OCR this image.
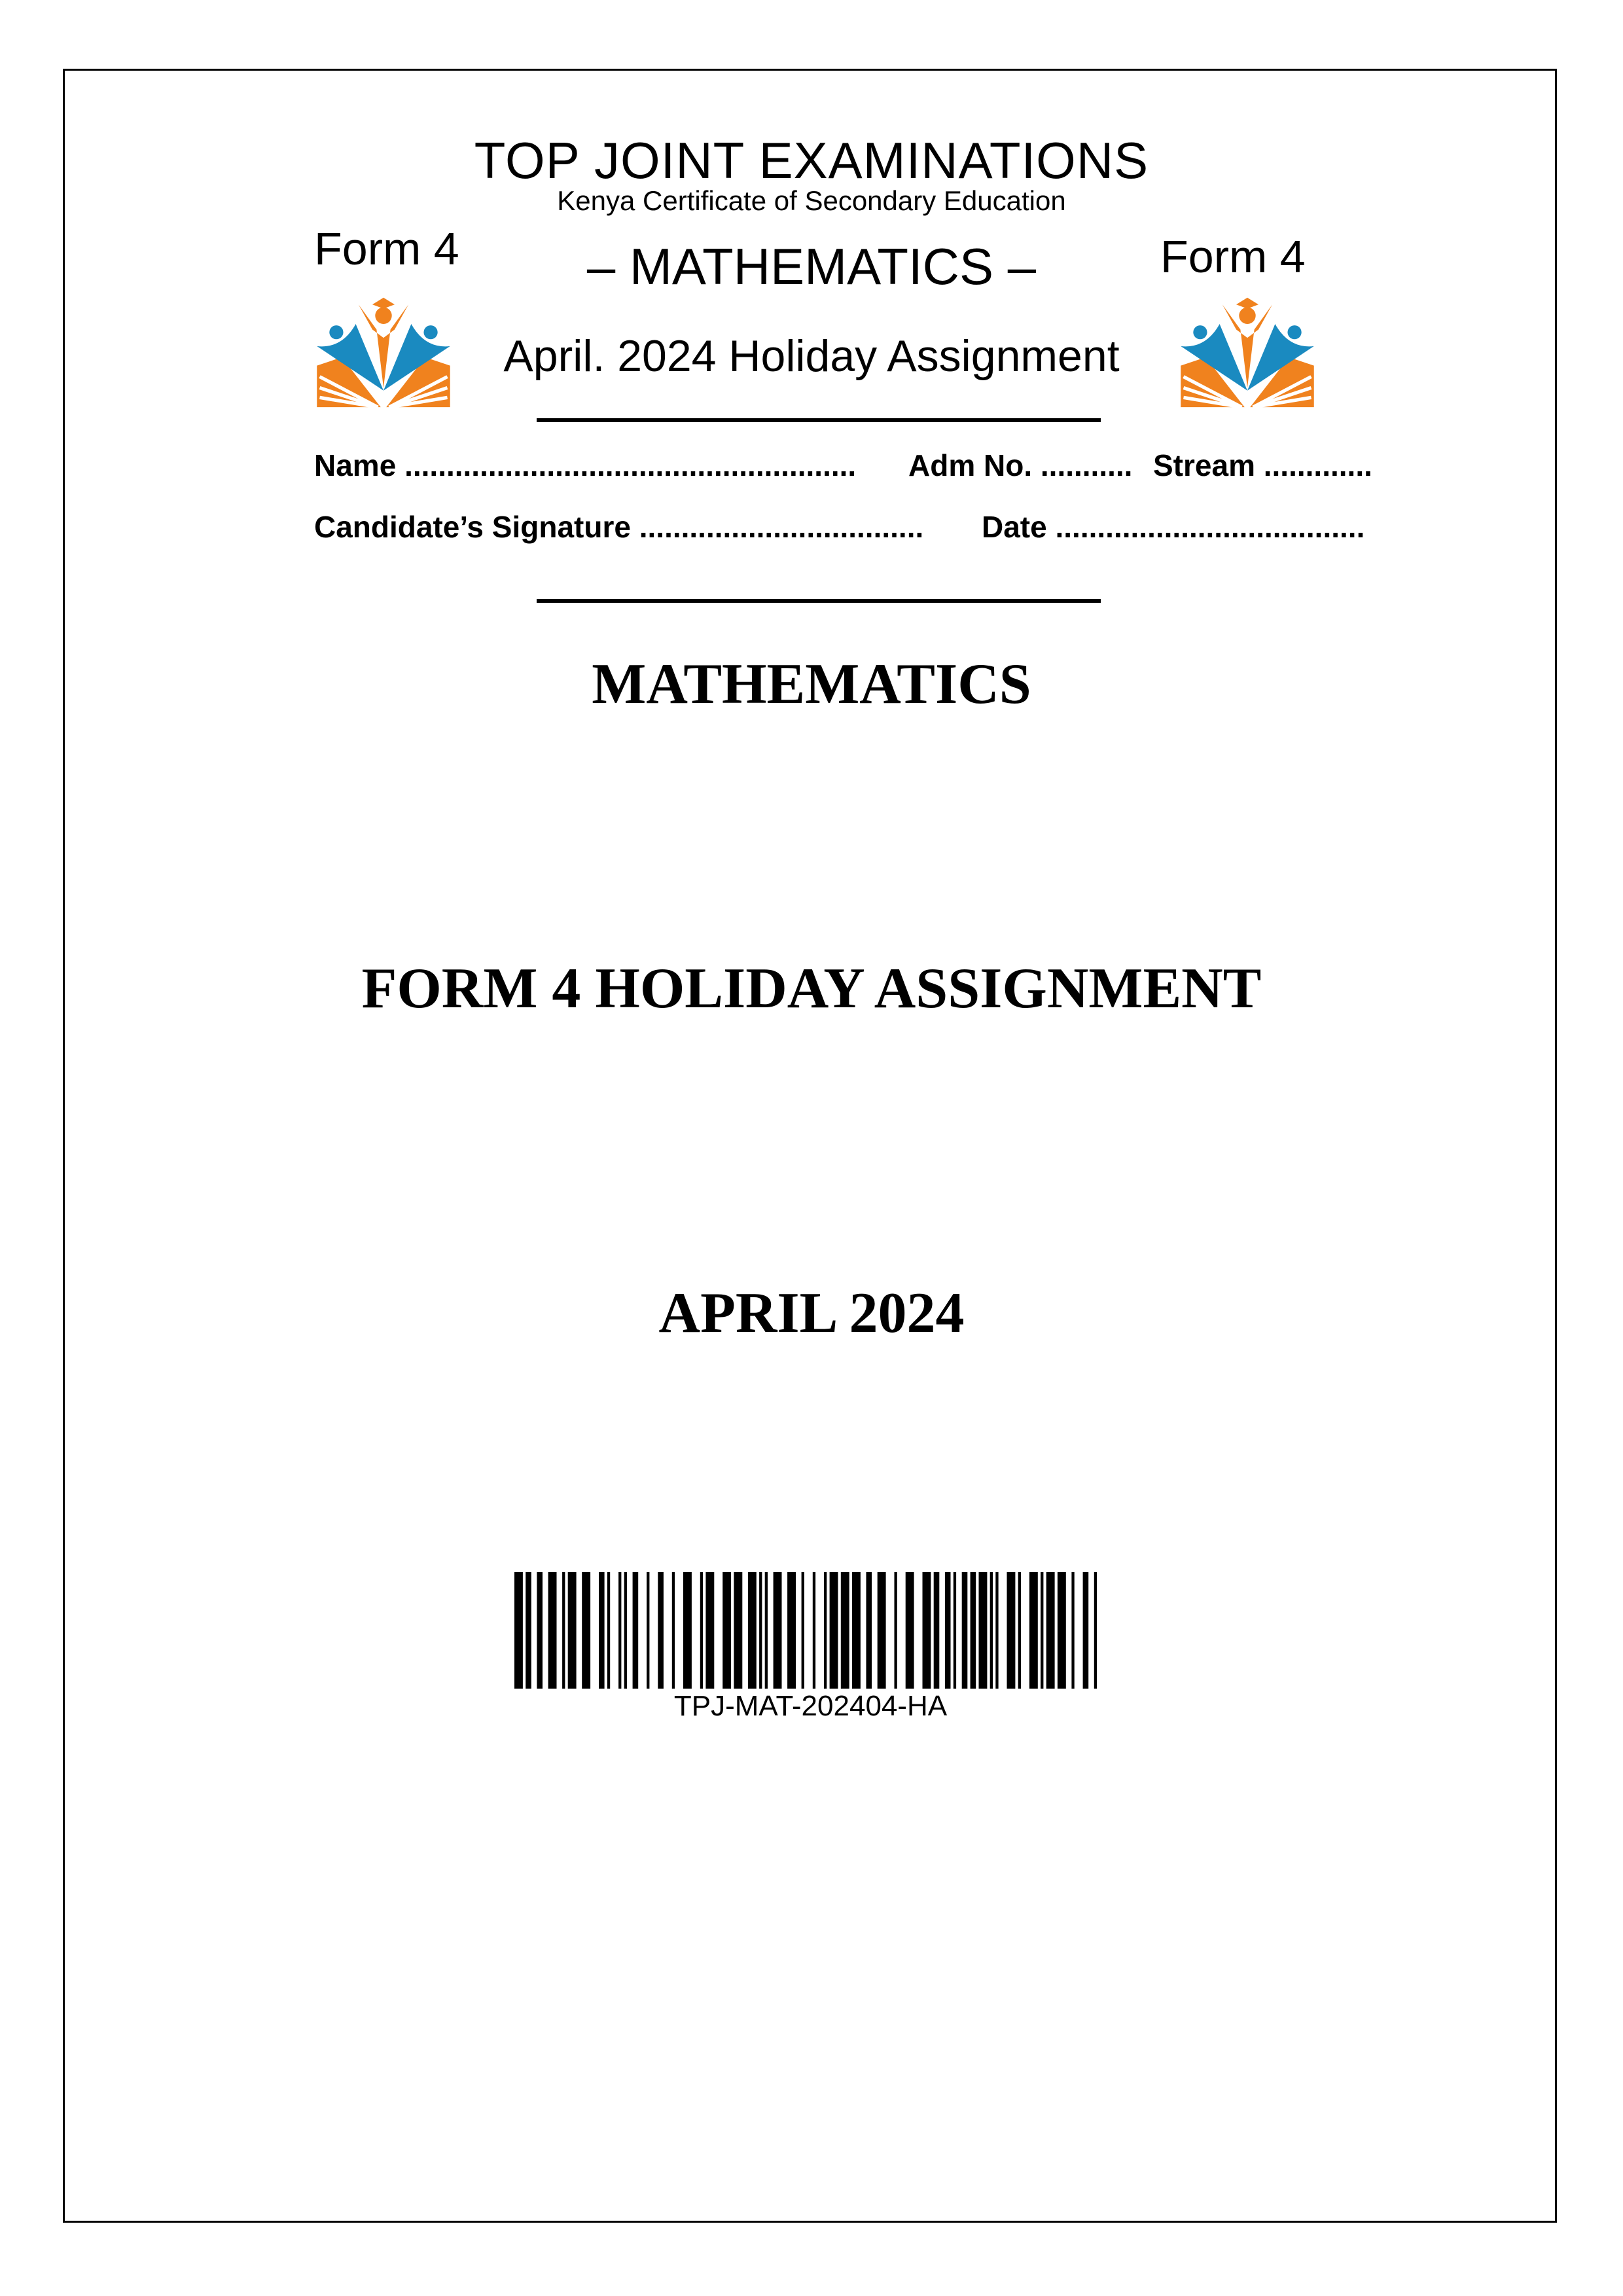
TOP JOINT EXAMINATIONS
Kenya Certificate of Secondary Education
Form 4	Form 4
– MATHEMATICS –
April. 2024 Holiday Assignment
Name ...................................................... Adm No. ........... Stream .............
Candidate’s Signature .................................. Date .....................................
MATHEMATICS
FORM 4 HOLIDAY ASSIGNMENT
APRIL 2024
TPJ-MAT-202404-HA
